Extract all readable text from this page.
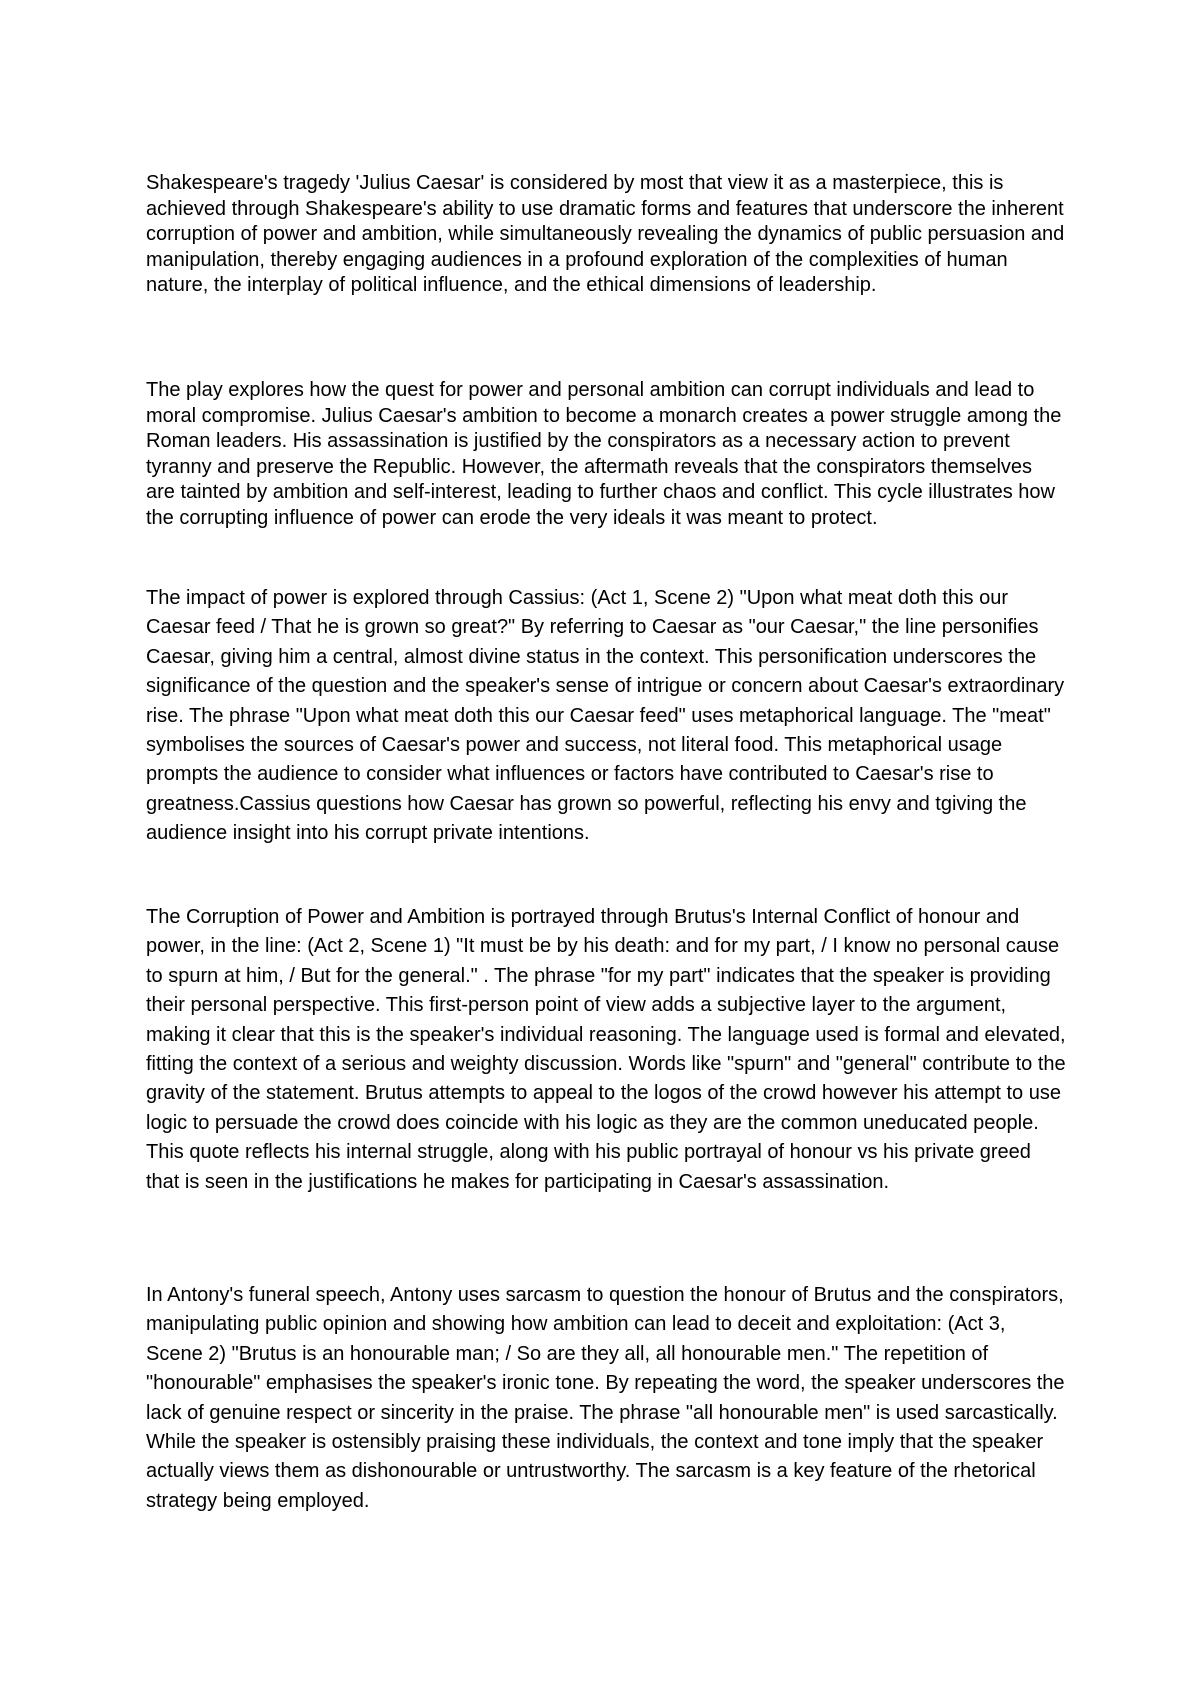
Shakespeare's tragedy 'Julius Caesar' is considered by most that view it as a masterpiece, this is achieved through Shakespeare's ability to use dramatic forms and features that underscore the inherent corruption of power and ambition, while simultaneously revealing the dynamics of public persuasion and manipulation, thereby engaging audiences in a profound exploration of the complexities of human nature, the interplay of political influence, and the ethical dimensions of leadership.

The play explores how the quest for power and personal ambition can corrupt individuals and lead to moral compromise. Julius Caesar's ambition to become a monarch creates a power struggle among the Roman leaders. His assassination is justified by the conspirators as a necessary action to prevent tyranny and preserve the Republic. However, the aftermath reveals that the conspirators themselves are tainted by ambition and self-interest, leading to further chaos and conflict. This cycle illustrates how the corrupting influence of power can erode the very ideals it was meant to protect.

The impact of power is explored through Cassius: (Act 1, Scene 2) "Upon what meat doth this our Caesar feed / That he is grown so great?" By referring to Caesar as "our Caesar," the line personifies Caesar, giving him a central, almost divine status in the context. This personification underscores the significance of the question and the speaker's sense of intrigue or concern about Caesar's extraordinary rise. The phrase "Upon what meat doth this our Caesar feed" uses metaphorical language. The "meat" symbolises the sources of Caesar's power and success, not literal food. This metaphorical usage prompts the audience to consider what influences or factors have contributed to Caesar's rise to greatness.Cassius questions how Caesar has grown so powerful, reflecting his envy and tgiving the audience insight into his corrupt private intentions.

The Corruption of Power and Ambition is portrayed through Brutus's Internal Conflict of honour and power, in the line: (Act 2, Scene 1) "It must be by his death: and for my part, / I know no personal cause to spurn at him, / But for the general." . The phrase "for my part" indicates that the speaker is providing their personal perspective. This first-person point of view adds a subjective layer to the argument, making it clear that this is the speaker's individual reasoning. The language used is formal and elevated, fitting the context of a serious and weighty discussion. Words like "spurn" and "general" contribute to the gravity of the statement. Brutus attempts to appeal to the logos of the crowd however his attempt to use logic to persuade the crowd does coincide with his logic as they are the common uneducated people. This quote reflects his internal struggle, along with his public portrayal of honour vs his private greed that is seen in the justifications he makes for participating in Caesar's assassination.

In Antony's funeral speech, Antony uses sarcasm to question the honour of Brutus and the conspirators, manipulating public opinion and showing how ambition can lead to deceit and exploitation: (Act 3, Scene 2) "Brutus is an honourable man; / So are they all, all honourable men." The repetition of "honourable" emphasises the speaker's ironic tone. By repeating the word, the speaker underscores the lack of genuine respect or sincerity in the praise. The phrase "all honourable men" is used sarcastically. While the speaker is ostensibly praising these individuals, the context and tone imply that the speaker actually views them as dishonourable or untrustworthy. The sarcasm is a key feature of the rhetorical strategy being employed.
